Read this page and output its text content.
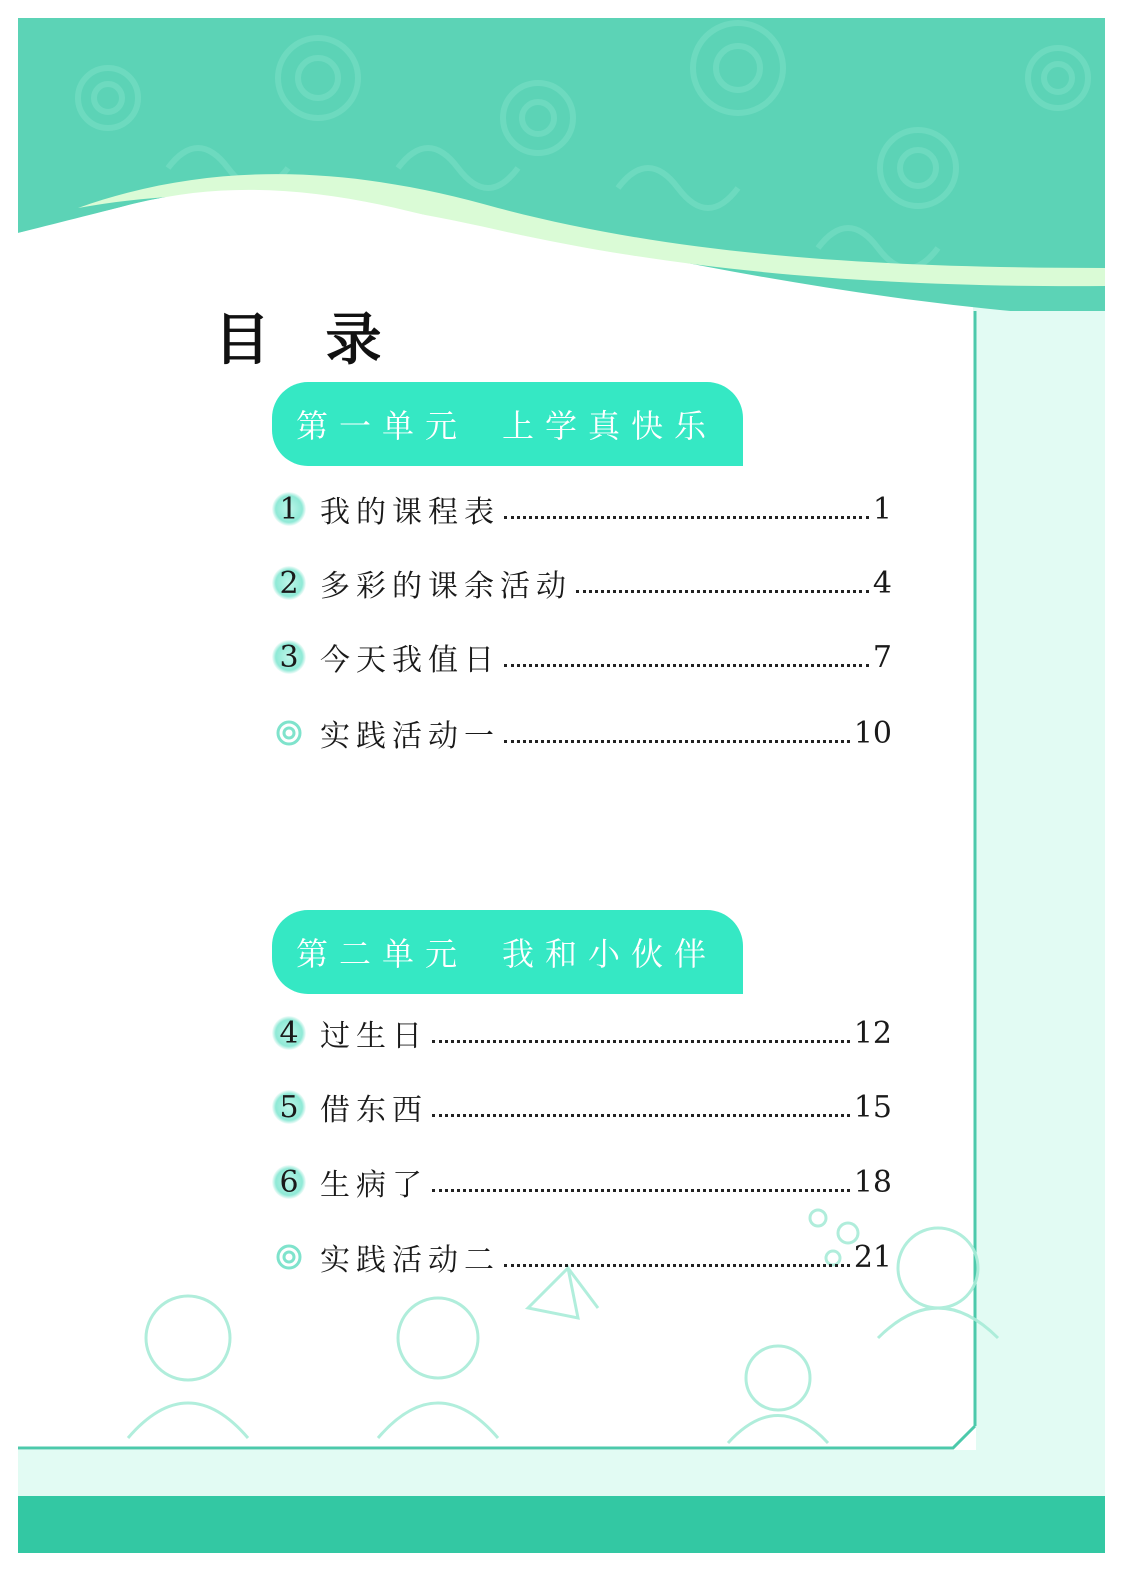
目 录
第一单元 上学真快乐
1 我的课程表	1
2 多彩的课余活动	4
3 今天我值日	7
实践活动一	10
第二单元 我和小伙伴
4 过生日	12
5 借东西	15
6 生病了	18
实践活动二	21
